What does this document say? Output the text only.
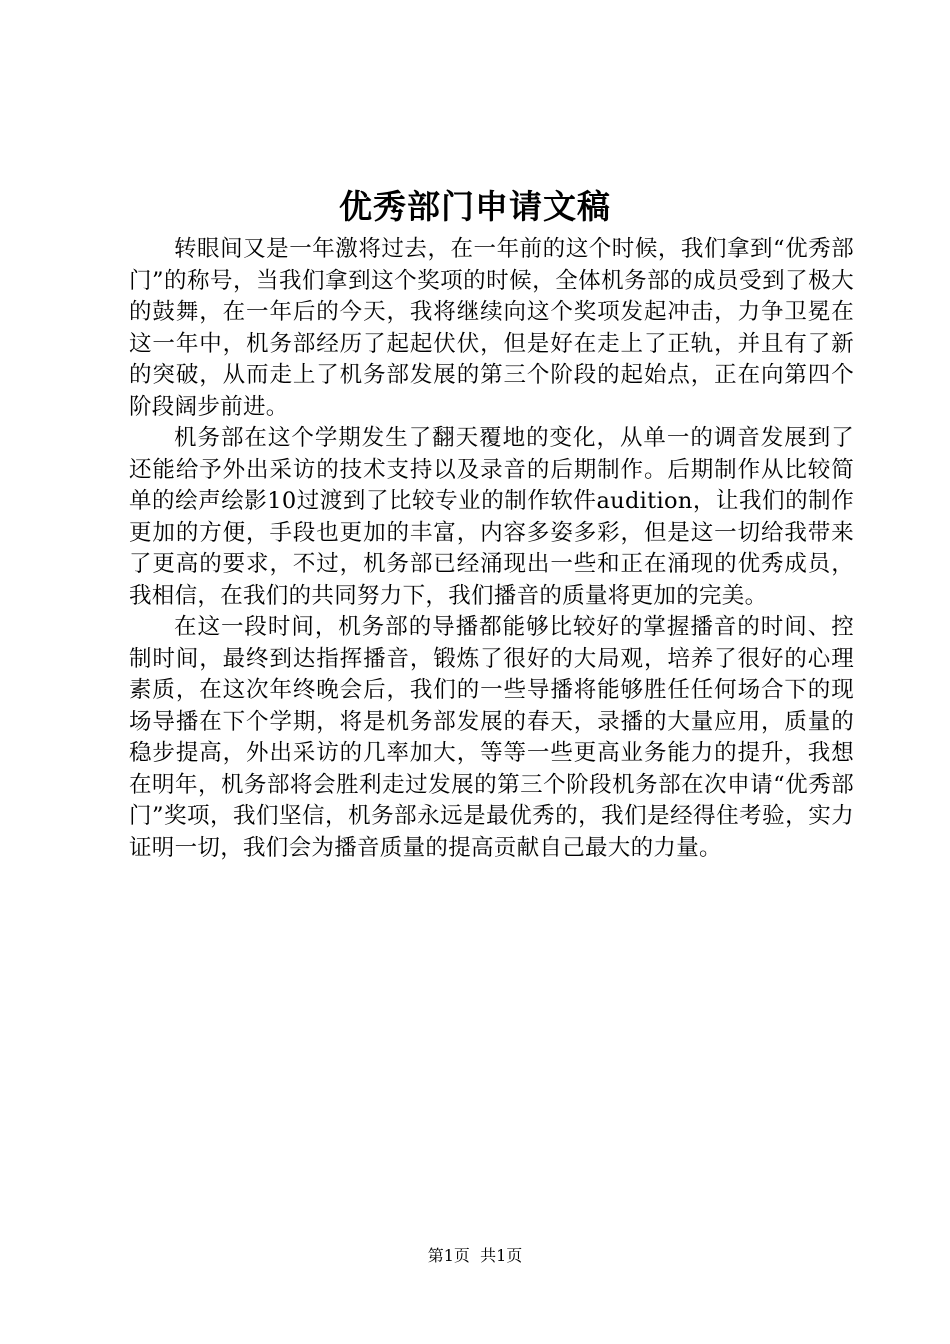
优秀部门申请文稿

转眼间又是一年激将过去，在一年前的这个时候，我们拿到“优秀部门”的称号，当我们拿到这个奖项的时候，全体机务部的成员受到了极大的鼓舞，在一年后的今天，我将继续向这个奖项发起冲击，力争卫冕在这一年中，机务部经历了起起伏伏，但是好在走上了正轨，并且有了新的突破，从而走上了机务部发展的第三个阶段的起始点，正在向第四个阶段阔步前进。

机务部在这个学期发生了翻天覆地的变化，从单一的调音发展到了还能给予外出采访的技术支持以及录音的后期制作。后期制作从比较简单的绘声绘影10过渡到了比较专业的制作软件audition，让我们的制作更加的方便，手段也更加的丰富，内容多姿多彩，但是这一切给我带来了更高的要求，不过，机务部已经涌现出一些和正在涌现的优秀成员，我相信，在我们的共同努力下，我们播音的质量将更加的完美。

在这一段时间，机务部的导播都能够比较好的掌握播音的时间、控制时间，最终到达指挥播音，锻炼了很好的大局观，培养了很好的心理素质，在这次年终晚会后，我们的一些导播将能够胜任任何场合下的现场导播在下个学期，将是机务部发展的春天，录播的大量应用，质量的稳步提高，外出采访的几率加大，等等一些更高业务能力的提升，我想在明年，机务部将会胜利走过发展的第三个阶段机务部在次申请“优秀部门”奖项，我们坚信，机务部永远是最优秀的，我们是经得住考验，实力证明一切，我们会为播音质量的提高贡献自己最大的力量。

第1页 共1页
